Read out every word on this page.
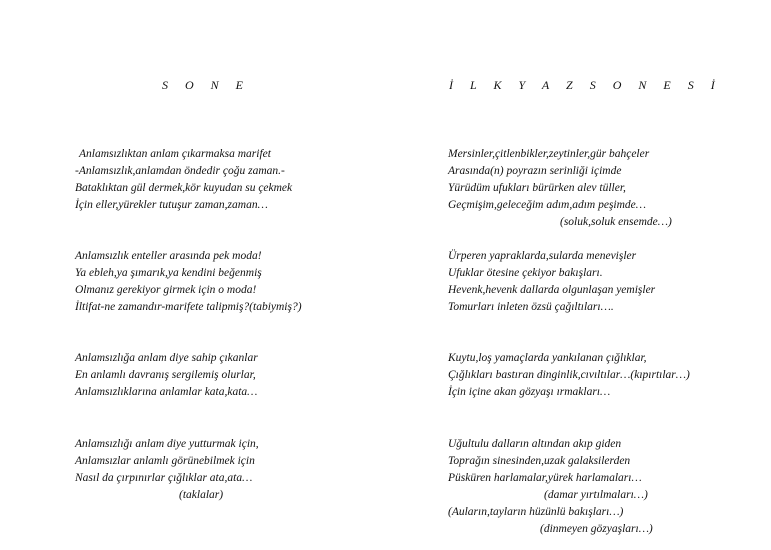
S O N E
Anlamsızlıktan anlam çıkarmaksa marifet
-Anlamsızlık,anlamdan öndedir çoğu zaman.-
Bataklıktan gül dermek,kör kuyudan su çekmek
İçin eller,yürekler tutuşur zaman,zaman…
Anlamsızlık enteller arasında pek moda!
Ya ebleh,ya şımarık,ya kendini beğenmiş
Olmanız gerekiyor girmek için o moda!
İltifat-ne zamandır-marifete talipmiş?(tabiymiş?)
Anlamsızlığa anlam diye sahip çıkanlar
En anlamlı davranış sergilemiş olurlar,
Anlamsızlıklarına anlamlar kata,kata…
Anlamsızlığı anlam diye yutturmak için,
Anlamsızlar anlamlı görünebilmek için
Nasıl da çırpınırlar çığlıklar ata,ata…
(taklalar)
İ L K Y A Z S O N E S İ
Mersinler,çitlenbikler,zeytinler,gür bahçeler
Arasında(n) poyrazın serinliği içimde
Yürüdüm ufukları bürürken alev tüller,
Geçmişim,geleceğim adım,adım peşimde…
(soluk,soluk ensemde…)
Ürperen yapraklarda,sularda menevişler
Ufuklar ötesine çekiyor bakışları.
Hevenk,hevenk dallarda olgunlaşan yemişler
Tomurları inleten özsü çağıltıları….
Kuytu,loş yamaçlarda yankılanan çığlıklar,
Çığlıkları bastıran dinginlik,cıvıltılar…(kıpırtılar…)
İçin içine akan gözyaşı ırmakları…
Uğultulu dalların altından akıp giden
Toprağın sinesinden,uzak galaksilerden
Püsküren harlamalar,yürek harlamaları…
(damar yırtılmaları…)
(Auların,tayların hüzünlü bakışları…)
(dinmeyen gözyaşları…)
